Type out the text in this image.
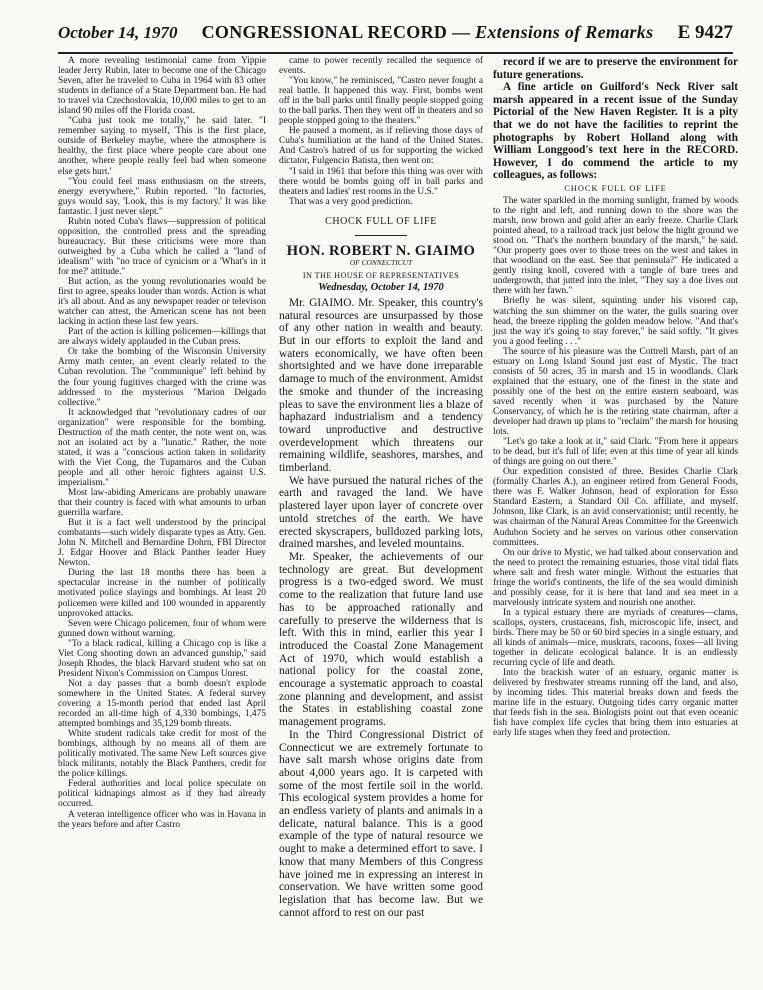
October 14, 1970 CONGRESSIONAL RECORD — Extensions of Remarks E 9427

A more revealing testimonial came from Yippie leader Jerry Rubin, later to become one of the Chicago Seven, after he traveled to Cuba in 1964 with 83 other students in defiance of a State Department ban. He had to travel via Czechoslovakia, 10,000 miles to get to an island 90 miles off the Florida coast.

"Cuba just took me totally," he said later. "I remember saying to myself, 'This is the first place, outside of Berkeley maybe, where the atmosphere is healthy, the first place where people care about one another, where people really feel bad when someone else gets hurt.'

"You could feel mass enthusiasm on the streets, energy everywhere," Rubin reported. "In factories, guys would say, 'Look, this is my factory.' It was like fantastic. I just never slept."

Rubin noted Cuba's flaws—suppression of political opposition, the controlled press and the spreading bureaucracy. But these criticisms were more than outweighed by a Cuba which he called a "land of idealism" with "no trace of cynicism or a 'What's in it for me?' attitude."

But action, as the young revolutionaries would be first to agree, speaks louder than words. Action is what it's all about. And as any newspaper reader or televison watcher can attest, the American scene has not been lacking in action these last few years.

Part of the action is killing policemen—killings that are always widely applauded in the Cuban press.

Or take the bombing of the Wisconsin University Army math center, an event clearly related to the Cuban revolution. The "communique" left behind by the four young fugitives charged with the crime was addressed to the mysterious "Marion Delgado collective."

It acknowledged that "revolutionary cadres of our organization" were responsible for the bombing. Destruction of the math center, the note went on, was not an isolated act by a "lunatic." Rather, the note stated, it was a "conscious action taken in solidarity with the Viet Cong, the Tupamaros and the Cuban people and all other heroic fighters against U.S. imperialism."

Most law-abiding Americans are probably unaware that their country is faced with what amounts to urban guerrilla warfare.

But it is a fact well understood by the principal combatants—such widely disparate types as Atty. Gen. John N. Mitchell and Bernardine Dohrn, FBI Director J. Edgar Hoover and Black Panther leader Huey Newton.

During the last 18 months there has been a spectacular increase in the number of politically motivated police slayings and bombings. At least 20 policemen were killed and 100 wounded in apparently unprovoked attacks.

Seven were Chicago policemen, four of whom were gunned down without warning.

"To a black radical, killing a Chicago cop is like a Viet Cong shooting down an advanced gunship," said Joseph Rhodes, the black Harvard student who sat on President Nixon's Commission on Campus Unrest.

Not a day passes that a bomb doesn't explode somewhere in the United States. A federal survey covering a 15-month period that ended last April recorded an all-time high of 4,330 bombings, 1,475 attempted bombings and 35,129 bomb threats.

White student radicals take credit for most of the bombings, although by no means all of them are politically motivated. The same New Left sources give black militants, notably the Black Panthers, credit for the police killings.

Federal authorities and local police speculate on political kidnapings almost as if they had already occurred.

A veteran intelligence officer who was in Havana in the years before and after Castro

came to power recently recalled the sequence of events.

"You know," he reminisced, "Castro never fought a real battle. It happened this way. First, bombs went off in the ball parks until finally people stopped going to the ball parks. Then they went off in theaters and so people stopped going to the theaters."

He paused a moment, as if relieving those days of Cuba's humiliation at the hand of the United States. And Castro's hatred of us for supporting the wicked dictator, Fulgencio Batista, then went on:

"I said in 1961 that before this thing was over with there would be bombs going off in ball parks and theaters and ladies' rest rooms in the U.S."

That was a very good prediction.

CHOCK FULL OF LIFE

HON. ROBERT N. GIAIMO

OF CONNECTICUT

IN THE HOUSE OF REPRESENTATIVES

Wednesday, October 14, 1970

Mr. GIAIMO. Mr. Speaker, this country's natural resources are unsurpassed by those of any other nation in wealth and beauty. But in our efforts to exploit the land and waters economically, we have often been shortsighted and we have done irreparable damage to much of the environment. Amidst the smoke and thunder of the increasing pleas to save the environment lies a blaze of haphazard industrialism and a tendency toward unproductive and destructive overdevelopment which threatens our remaining wildlife, seashores, marshes, and timberland.

We have pursued the natural riches of the earth and ravaged the land. We have plastered layer upon layer of concrete over untold stretches of the earth. We have erected skyscrapers, bulldozed parking lots, drained marshes, and leveled mountains.

Mr. Speaker, the achievements of our technology are great. But development progress is a two-edged sword. We must come to the realization that future land use has to be approached rationally and carefully to preserve the wilderness that is left. With this in mind, earlier this year I introduced the Coastal Zone Management Act of 1970, which would establish a national policy for the coastal zone, encourage a systematic approach to coastal zone planning and development, and assist the States in establishing coastal zone management programs.

In the Third Congressional District of Connecticut we are extremely fortunate to have salt marsh whose origins date from about 4,000 years ago. It is carpeted with some of the most fertile soil in the world. This ecological system provides a home for an endless variety of plants and animals in a delicate, natural balance. This is a good example of the type of natural resource we ought to make a determined effort to save. I know that many Members of this Congress have joined me in expressing an interest in conservation. We have written some good legislation that has become law. But we cannot afford to rest on our past

record if we are to preserve the environment for future generations.

A fine article on Guilford's Neck River salt marsh appeared in a recent issue of the Sunday Pictorial of the New Haven Register. It is a pity that we do not have the facilities to reprint the photographs by Robert Holland along with William Longgood's text here in the RECORD. However, I do commend the article to my colleagues, as follows:

CHOCK FULL OF LIFE

The water sparkled in the morning sunlight, framed by woods to the right and left, and running down to the shore was the marsh, now brown and gold after an early freeze. Charlie Clark pointed ahead, to a railroad track just below the hight ground we stood on. "That's the northern boundary of the marsh," he said. "Our property goes over to those trees on the west and takes in that woodland on the east. See that peninsula?" He indicated a gently rising knoll, covered with a tangle of bare trees and undergrowth, that jutted into the inlet, "They say a doe lives out there with her fawn."

Briefly he was silent, squinting under his visored cap, watching the sun shimmer on the water, the gulls soaring over head, the breeze rippling the golden meadow below. "And that's just the way it's going to stay forever," he said softly. "It gives you a good feeling . . ."

The source of his pleasure was the Cottrell Marsh, part of an estuary on Long Island Sound just east of Mystic. The tract consists of 50 acres, 35 in marsh and 15 in woodlands. Clark explained that the estuary, one of the finest in the state and possibly one of the best on the entire eastern seaboard, was saved recently when it was purchased by the Nature Conservancy, of which he is the retiring state chairman, after a developer had drawn up plans to "reclaim" the marsh for housing lots.

"Let's go take a look at it," said Clark. "From here it appears to be dead, but it's full of life; even at this time of year all kinds of things are going on out there."

Our expedition consisted of three. Besides Charlie Clark (formally Charles A.), an engineer retired from General Foods, there was F. Walker Johnson, head of exploration for Esso Standard Eastern, a Standard Oil Co. affiliate, and myself. Johnson, like Clark, is an avid conservationist; until recently, he was chairman of the Natural Areas Committee for the Greenwich Audubon Society and he serves on various other conservation committees.

On our drive to Mystic, we had talked about conservation and the need to protect the remaining estuaries, those vital tidal flats where salt and fresh water mingle. Without the estuaries that fringe the world's continents, the life of the sea would diminish and possibly cease, for it is here that land and sea meet in a marvelously intricate system and nourish one another.

In a typical estuary there are myriads of creatures—clams, scallops, oysters, crustaceans, fish, microscopic life, insect, and birds. There may be 50 or 60 bird species in a single estuary, and all kinds of animals—mice, muskrats, racoons, foxes—all living together in delicate ecological balance. It is an endlessly recurring cycle of life and death.

Into the brackish water of an estuary, organic matter is delivered by freshwater streams running off the land, and also, by incoming tides. This material breaks down and feeds the marine life in the estuary. Outgoing tides carry organic matter that feeds fish in the sea. Biologists point out that even oceanic fish have complex life cycles that bring them into estuaries at early life stages when they feed and protection.
